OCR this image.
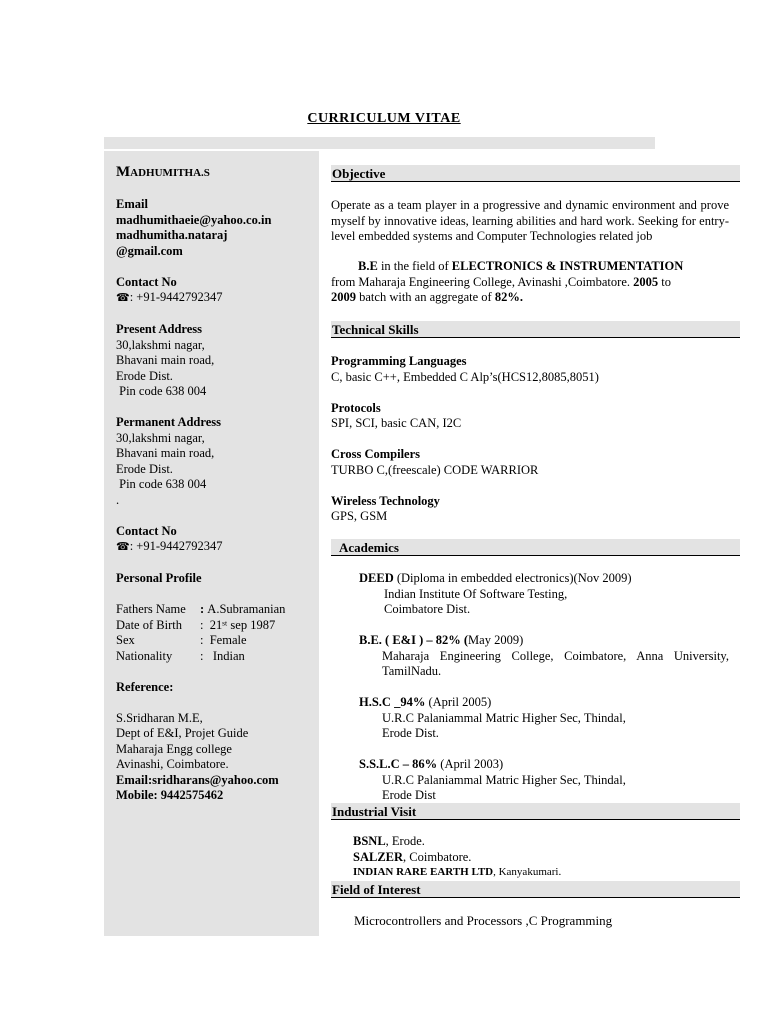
CURRICULUM VITAE
MADHUMITHA.S
Email
madhumithaeie@yahoo.co.in
madhumitha.nataraj
@gmail.com
Contact No
☎: +91-9442792347
Present Address
30,lakshmi nagar,
Bhavani main road,
Erode Dist.
Pin code 638 004
Permanent Address
30,lakshmi nagar,
Bhavani main road,
Erode Dist.
Pin code 638 004
.
Contact No
☎: +91-9442792347
Personal Profile
Fathers Name : A.Subramanian
Date of Birth :  21ˢᵗ sep 1987
Sex	:  Female
Nationality :   Indian
Reference:
S.Sridharan M.E,
Dept of E&I, Projet Guide
Maharaja Engg college
Avinashi, Coimbatore.
Email:sridharans@yahoo.com
Mobile: 9442575462
Objective
Operate as a team player in a progressive and dynamic environment and prove myself by innovative ideas, learning abilities and hard work. Seeking for entry-level embedded systems and Computer Technologies related job
B.E in the field of ELECTRONICS & INSTRUMENTATION
from Maharaja Engineering College, Avinashi ,Coimbatore. 2005 to
2009 batch with an aggregate of 82%.
Technical Skills
Programming Languages
C, basic C++, Embedded C Alp’s(HCS12,8085,8051)
Protocols
SPI, SCI, basic CAN, I2C
Cross Compilers
TURBO C,(freescale) CODE WARRIOR
Wireless Technology
GPS, GSM
Academics
DEED (Diploma in embedded electronics)(Nov 2009)
Indian Institute Of Software Testing,
Coimbatore Dist.
B.E. ( E&I ) – 82% (May 2009)
Maharaja Engineering College, Coimbatore, Anna University, TamilNadu.
H.S.C _94% (April 2005)
U.R.C Palaniammal Matric Higher Sec, Thindal,
Erode Dist.
S.S.L.C – 86% (April 2003)
U.R.C Palaniammal Matric Higher Sec, Thindal,
Erode Dist
Industrial Visit
BSNL, Erode.
SALZER, Coimbatore.
INDIAN RARE EARTH LTD, Kanyakumari.
Field of Interest
Microcontrollers and Processors ,C Programming
